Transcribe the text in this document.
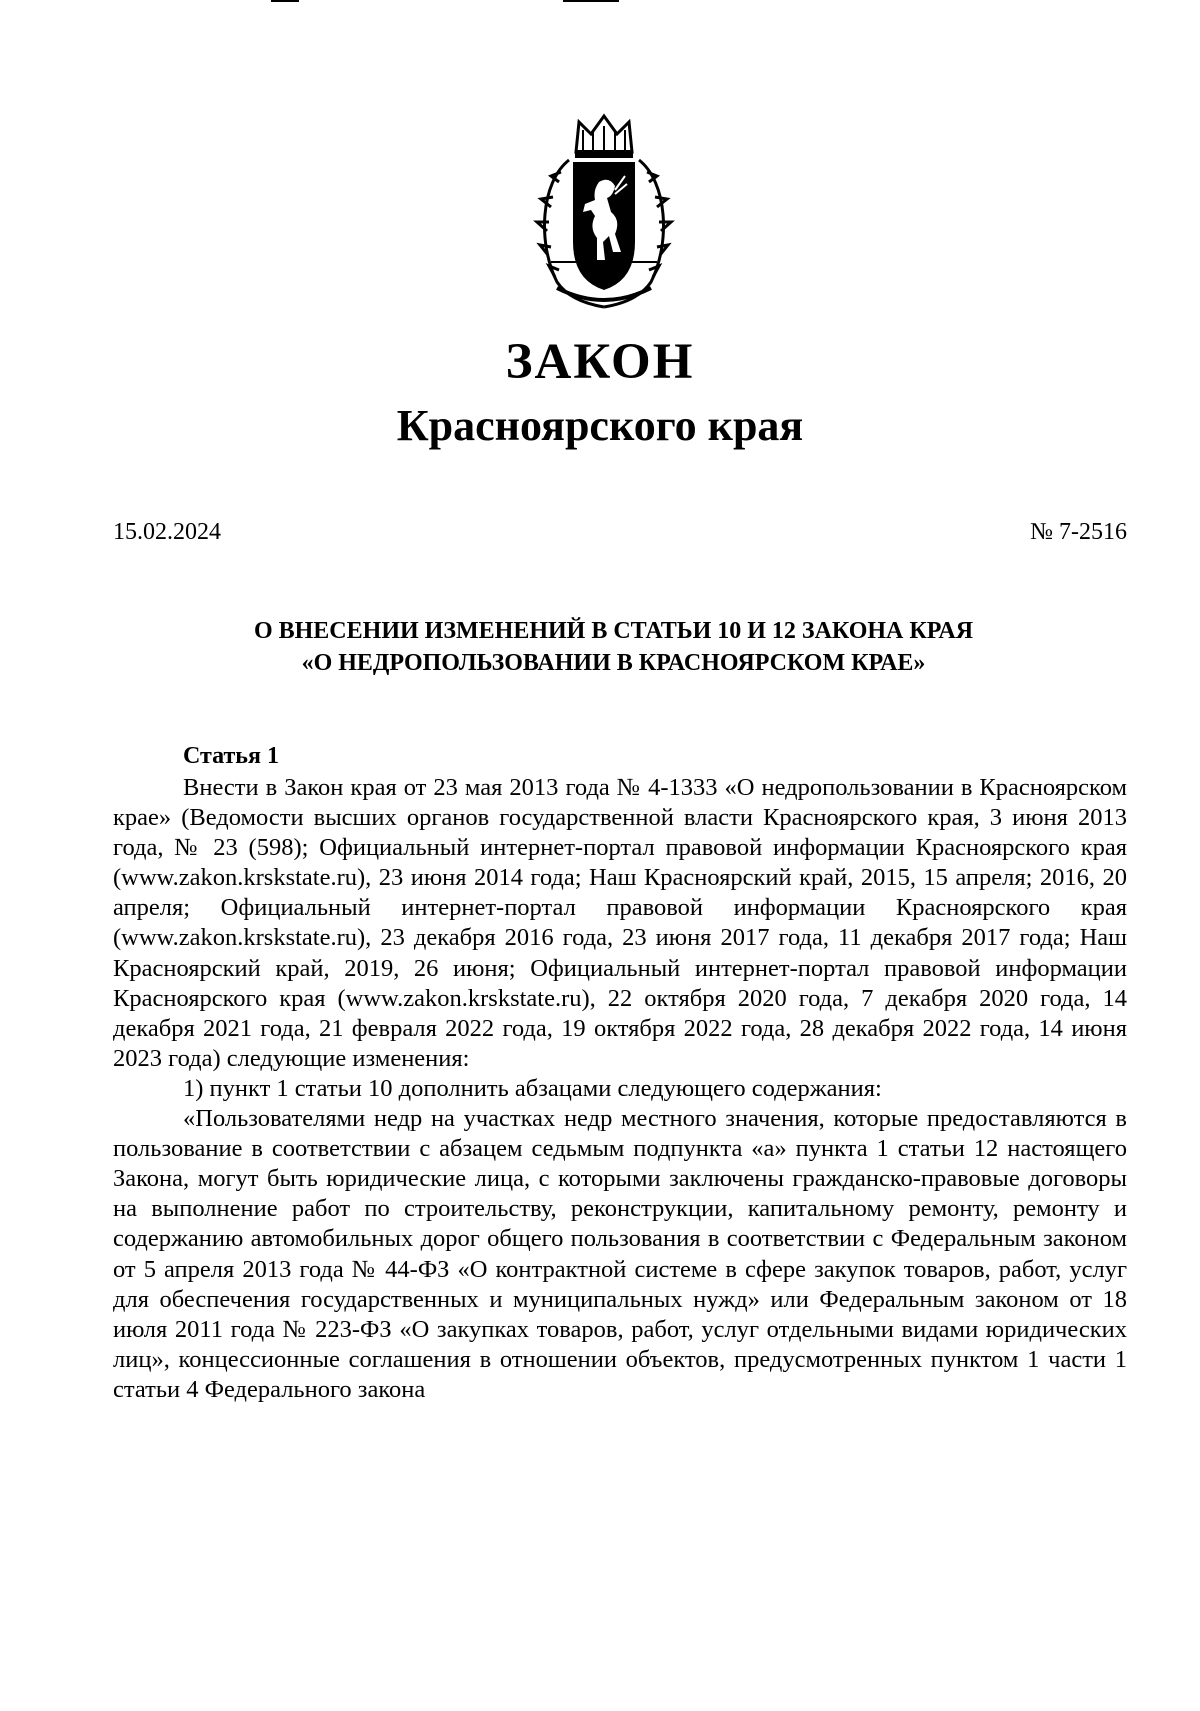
ЗАКОН
Красноярского края
15.02.2024	№ 7-2516
О ВНЕСЕНИИ ИЗМЕНЕНИЙ В СТАТЬИ 10 И 12 ЗАКОНА КРАЯ
«О НЕДРОПОЛЬЗОВАНИИ В КРАСНОЯРСКОМ КРАЕ»
Статья 1

Внести в Закон края от 23 мая 2013 года № 4-1333 «О недропользовании в Красноярском крае» (Ведомости высших органов государственной власти Красноярского края, 3 июня 2013 года, № 23 (598); Официальный интернет-портал правовой информации Красноярского края (www.zakon.krskstate.ru), 23 июня 2014 года; Наш Красноярский край, 2015, 15 апреля; 2016, 20 апреля; Официальный интернет-портал правовой информации Красноярского края (www.zakon.krskstate.ru), 23 декабря 2016 года, 23 июня 2017 года, 11 декабря 2017 года; Наш Красноярский край, 2019, 26 июня; Официальный интернет-портал правовой информации Красноярского края (www.zakon.krskstate.ru), 22 октября 2020 года, 7 декабря 2020 года, 14 декабря 2021 года, 21 февраля 2022 года, 19 октября 2022 года, 28 декабря 2022 года, 14 июня 2023 года) следующие изменения:

1) пункт 1 статьи 10 дополнить абзацами следующего содержания:

«Пользователями недр на участках недр местного значения, которые предоставляются в пользование в соответствии с абзацем седьмым подпункта «а» пункта 1 статьи 12 настоящего Закона, могут быть юридические лица, с которыми заключены гражданско-правовые договоры на выполнение работ по строительству, реконструкции, капитальному ремонту, ремонту и содержанию автомобильных дорог общего пользования в соответствии с Федеральным законом от 5 апреля 2013 года № 44-ФЗ «О контрактной системе в сфере закупок товаров, работ, услуг для обеспечения государственных и муниципальных нужд» или Федеральным законом от 18 июля 2011 года № 223-ФЗ «О закупках товаров, работ, услуг отдельными видами юридических лиц», концессионные соглашения в отношении объектов, предусмотренных пунктом 1 части 1 статьи 4 Федерального закона
